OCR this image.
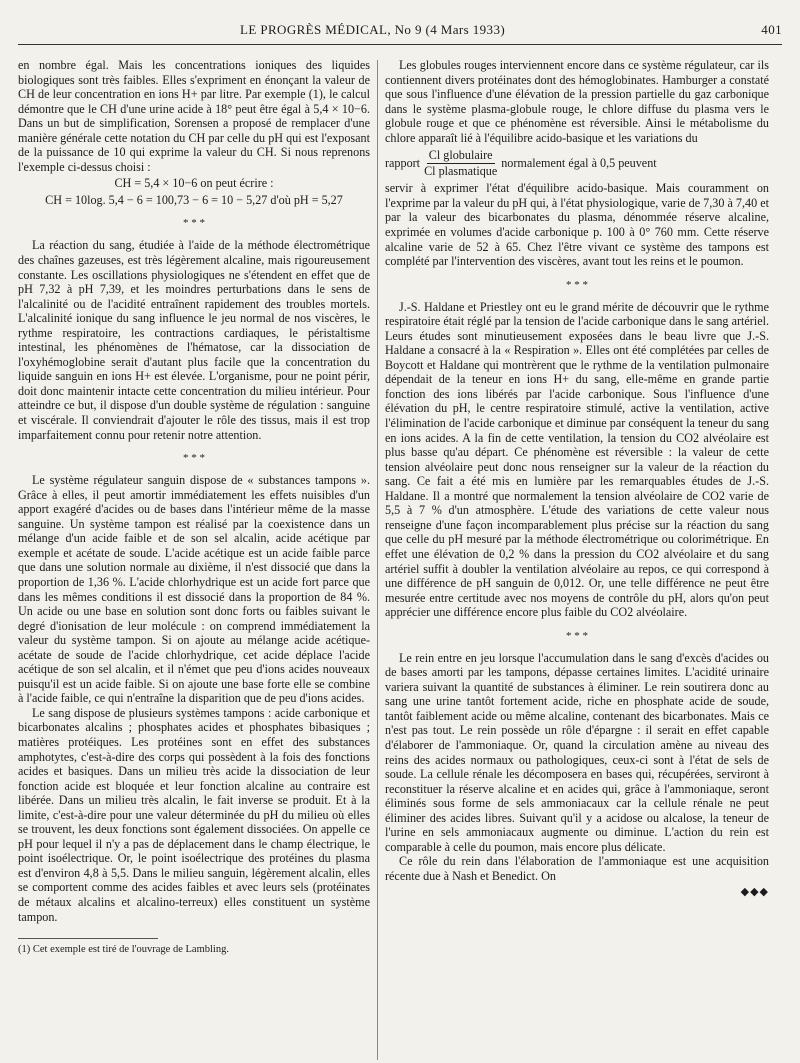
LE PROGRÈS MÉDICAL, No 9 (4 Mars 1933)	401

en nombre égal. Mais les concentrations ioniques des liquides biologiques sont très faibles. Elles s'expriment en énonçant la valeur de CH de leur concentration en ions H+ par litre. Par exemple (1), le calcul démontre que le CH d'une urine acide à 18° peut être égal à 5,4 × 10−6. Dans un but de simplification, Sorensen a proposé de remplacer d'une manière générale cette notation du CH par celle du pH qui est l'exposant de la puissance de 10 qui exprime la valeur du CH. Si nous reprenons l'exemple ci-dessus choisi :

CH = 5,4 × 10−6 on peut écrire :

CH = 10log. 5,4 − 6 = 100,73 − 6 = 10 − 5,27 d'où pH = 5,27

* * *

La réaction du sang, étudiée à l'aide de la méthode électrométrique des chaînes gazeuses, est très légèrement alcaline, mais rigoureusement constante. Les oscillations physiologiques ne s'étendent en effet que de pH 7,32 à pH 7,39, et les moindres perturbations dans le sens de l'alcalinité ou de l'acidité entraînent rapidement des troubles mortels. L'alcalinité ionique du sang influence le jeu normal de nos viscères, le rythme respiratoire, les contractions cardiaques, le péristaltisme intestinal, les phénomènes de l'hématose, car la dissociation de l'oxyhémoglobine serait d'autant plus facile que la concentration du liquide sanguin en ions H+ est élevée. L'organisme, pour ne point périr, doit donc maintenir intacte cette concentration du milieu intérieur. Pour atteindre ce but, il dispose d'un double système de régulation : sanguine et viscérale. Il conviendrait d'ajouter le rôle des tissus, mais il est trop imparfaitement connu pour retenir notre attention.

* * *

Le système régulateur sanguin dispose de « substances tampons ». Grâce à elles, il peut amortir immédiatement les effets nuisibles d'un apport exagéré d'acides ou de bases dans l'intérieur même de la masse sanguine. Un système tampon est réalisé par la coexistence dans un mélange d'un acide faible et de son sel alcalin, acide acétique par exemple et acétate de soude. L'acide acétique est un acide faible parce que dans une solution normale au dixième, il n'est dissocié que dans la proportion de 1,36 %. L'acide chlorhydrique est un acide fort parce que dans les mêmes conditions il est dissocié dans la proportion de 84 %. Un acide ou une base en solution sont donc forts ou faibles suivant le degré d'ionisation de leur molécule : on comprend immédiatement la valeur du système tampon. Si on ajoute au mélange acide acétique-acétate de soude de l'acide chlorhydrique, cet acide déplace l'acide acétique de son sel alcalin, et il n'émet que peu d'ions acides nouveaux puisqu'il est un acide faible. Si on ajoute une base forte elle se combine à l'acide faible, ce qui n'entraîne la disparition que de peu d'ions acides.

Le sang dispose de plusieurs systèmes tampons : acide carbonique et bicarbonates alcalins ; phosphates acides et phosphates bibasiques ; matières protéiques. Les protéines sont en effet des substances amphotytes, c'est-à-dire des corps qui possèdent à la fois des fonctions acides et basiques. Dans un milieu très acide la dissociation de leur fonction acide est bloquée et leur fonction alcaline au contraire est libérée. Dans un milieu très alcalin, le fait inverse se produit. Et à la limite, c'est-à-dire pour une valeur déterminée du pH du milieu où elles se trouvent, les deux fonctions sont également dissociées. On appelle ce pH pour lequel il n'y a pas de déplacement dans le champ électrique, le point isoélectrique. Or, le point isoélectrique des protéines du plasma est d'environ 4,8 à 5,5. Dans le milieu sanguin, légèrement alcalin, elles se comportent comme des acides faibles et avec leurs sels (protéinates de métaux alcalins et alcalino-terreux) elles constituent un système tampon.

(1) Cet exemple est tiré de l'ouvrage de Lambling.

Les globules rouges interviennent encore dans ce système régulateur, car ils contiennent divers protéinates dont des hémoglobinates. Hamburger a constaté que sous l'influence d'une élévation de la pression partielle du gaz carbonique dans le système plasma-globule rouge, le chlore diffuse du plasma vers le globule rouge et que ce phénomène est réversible. Ainsi le métabolisme du chlore apparaît lié à l'équilibre acido-basique et les variations du

rapport $\frac{\text{Cl globulaire}}{\text{Cl plasmatique}}$ normalement égal à 0,5 peuvent

servir à exprimer l'état d'équilibre acido-basique. Mais couramment on l'exprime par la valeur du pH qui, à l'état physiologique, varie de 7,30 à 7,40 et par la valeur des bicarbonates du plasma, dénommée réserve alcaline, exprimée en volumes d'acide carbonique p. 100 à 0° 760 mm. Cette réserve alcaline varie de 52 à 65. Chez l'être vivant ce système des tampons est complété par l'intervention des viscères, avant tout les reins et le poumon.

* * *

J.-S. Haldane et Priestley ont eu le grand mérite de découvrir que le rythme respiratoire était réglé par la tension de l'acide carbonique dans le sang artériel. Leurs études sont minutieusement exposées dans le beau livre que J.-S. Haldane a consacré à la « Respiration ». Elles ont été complétées par celles de Boycott et Haldane qui montrèrent que le rythme de la ventilation pulmonaire dépendait de la teneur en ions H+ du sang, elle-même en grande partie fonction des ions libérés par l'acide carbonique. Sous l'influence d'une élévation du pH, le centre respiratoire stimulé, active la ventilation, active l'élimination de l'acide carbonique et diminue par conséquent la teneur du sang en ions acides. A la fin de cette ventilation, la tension du CO2 alvéolaire est plus basse qu'au départ. Ce phénomène est réversible : la valeur de cette tension alvéolaire peut donc nous renseigner sur la valeur de la réaction du sang. Ce fait a été mis en lumière par les remarquables études de J.-S. Haldane. Il a montré que normalement la tension alvéolaire de CO2 varie de 5,5 à 7 % d'un atmosphère. L'étude des variations de cette valeur nous renseigne d'une façon incomparablement plus précise sur la réaction du sang que celle du pH mesuré par la méthode électrométrique ou colorimétrique. En effet une élévation de 0,2 % dans la pression du CO2 alvéolaire et du sang artériel suffit à doubler la ventilation alvéolaire au repos, ce qui correspond à une différence de pH sanguin de 0,012. Or, une telle différence ne peut être mesurée entre certitude avec nos moyens de contrôle du pH, alors qu'on peut apprécier une différence encore plus faible du CO2 alvéolaire.

* * *

Le rein entre en jeu lorsque l'accumulation dans le sang d'excès d'acides ou de bases amorti par les tampons, dépasse certaines limites. L'acidité urinaire variera suivant la quantité de substances à éliminer. Le rein soutirera donc au sang une urine tantôt fortement acide, riche en phosphate acide de soude, tantôt faiblement acide ou même alcaline, contenant des bicarbonates. Mais ce n'est pas tout. Le rein possède un rôle d'épargne : il serait en effet capable d'élaborer de l'ammoniaque. Or, quand la circulation amène au niveau des reins des acides normaux ou pathologiques, ceux-ci sont à l'état de sels de soude. La cellule rénale les décomposera en bases qui, récupérées, serviront à reconstituer la réserve alcaline et en acides qui, grâce à l'ammoniaque, seront éliminés sous forme de sels ammoniacaux car la cellule rénale ne peut éliminer des acides libres. Suivant qu'il y a acidose ou alcalose, la teneur de l'urine en sels ammoniacaux augmente ou diminue. L'action du rein est comparable à celle du poumon, mais encore plus délicate.

Ce rôle du rein dans l'élaboration de l'ammoniaque est une acquisition récente due à Nash et Benedict. On

◆◆◆
